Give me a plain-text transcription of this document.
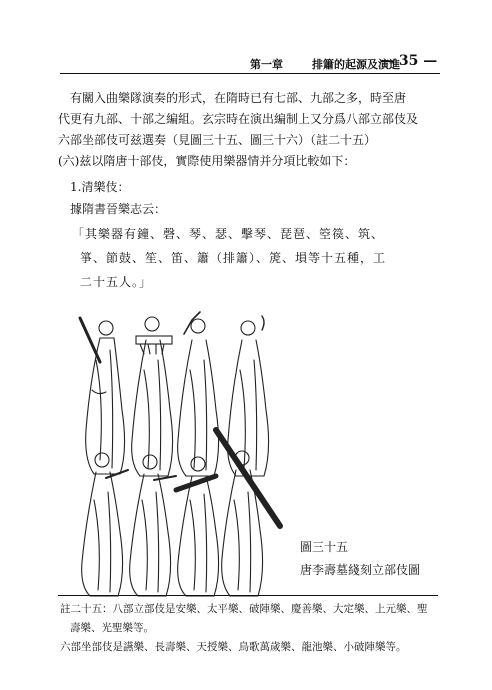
第一章	排簫的起源及演進
— 35 —

有關入曲樂隊演奏的形式，在隋時已有七部、九部之多，時至唐

代更有九部、十部之編組。玄宗時在演出編制上又分爲八部立部伎及

六部坐部伎可兹選奏（見圖三十五、圖三十六）（註二十五）

(六)兹以隋唐十部伎，實際使用樂器情并分項比較如下：

1.清樂伎：
據隋書晉樂志云：

「其樂器有鐘、磬、琴、瑟、擊琴、琵琶、箜篌、筑、

箏、節鼓、笙、笛、簫（排簫）、箎、塤等十五種，工

二十五人。」

圖三十五
唐李壽墓綫刻立部伎圖

註二十五：八部立部伎是安樂、太平樂、破陣樂、慶善樂、大定樂、上元樂、聖

壽樂、光聖樂等。

六部坐部伎是讌樂、長壽樂、天授樂、鳥歌萬歲樂、龍池樂、小破陣樂等。
